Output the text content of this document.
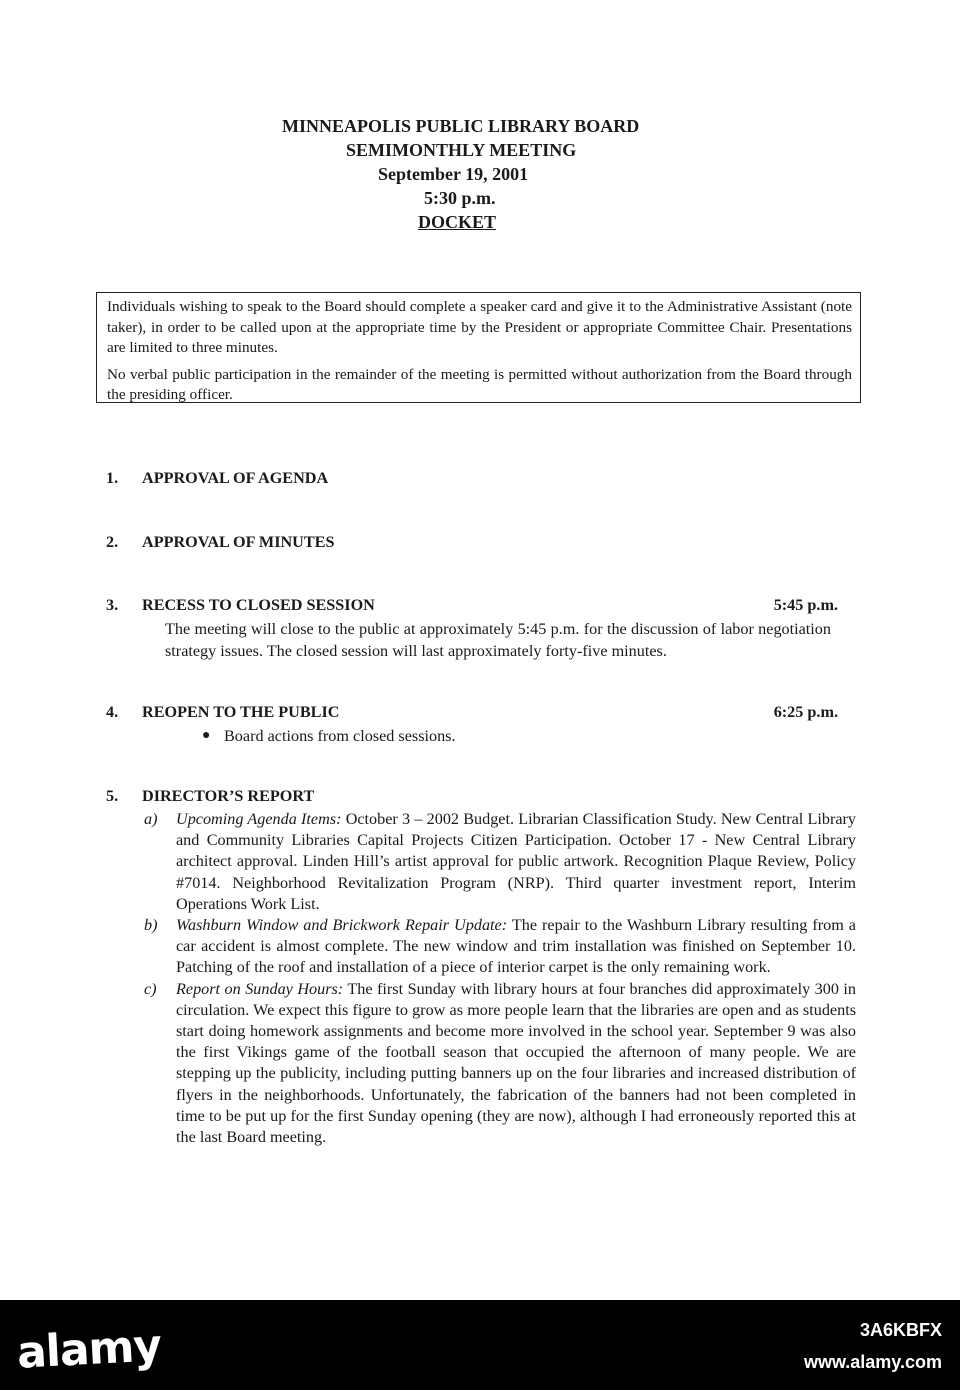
MINNEAPOLIS PUBLIC LIBRARY BOARD
SEMIMONTHLY MEETING
September 19, 2001
5:30 p.m.
DOCKET

Individuals wishing to speak to the Board should complete a speaker card and give it to the Administrative Assistant (note taker), in order to be called upon at the appropriate time by the President or appropriate Committee Chair. Presentations are limited to three minutes.

No verbal public participation in the remainder of the meeting is permitted without authorization from the Board through the presiding officer.

1. APPROVAL OF AGENDA
2. APPROVAL OF MINUTES
3. RECESS TO CLOSED SESSION	5:45 p.m.
The meeting will close to the public at approximately 5:45 p.m. for the discussion of labor negotiation strategy issues. The closed session will last approximately forty-five minutes.
4. REOPEN TO THE PUBLIC	6:25 p.m.
● Board actions from closed sessions.
5. DIRECTOR’S REPORT
a)	Upcoming Agenda Items: October 3 – 2002 Budget. Librarian Classification Study. New Central Library and Community Libraries Capital Projects Citizen Participation. October 17 - New Central Library architect approval. Linden Hill’s artist approval for public artwork. Recognition Plaque Review, Policy #7014. Neighborhood Revitalization Program (NRP). Third quarter investment report, Interim Operations Work List.
b)	Washburn Window and Brickwork Repair Update: The repair to the Washburn Library resulting from a car accident is almost complete. The new window and trim installation was finished on September 10. Patching of the roof and installation of a piece of interior carpet is the only remaining work.
c)	Report on Sunday Hours: The first Sunday with library hours at four branches did approximately 300 in circulation. We expect this figure to grow as more people learn that the libraries are open and as students start doing homework assignments and become more involved in the school year. September 9 was also the first Vikings game of the football season that occupied the afternoon of many people. We are stepping up the publicity, including putting banners up on the four libraries and increased distribution of flyers in the neighborhoods. Unfortunately, the fabrication of the banners had not been completed in time to be put up for the first Sunday opening (they are now), although I had erroneously reported this at the last Board meeting.
alamy	3A6KBFX
www.alamy.com
